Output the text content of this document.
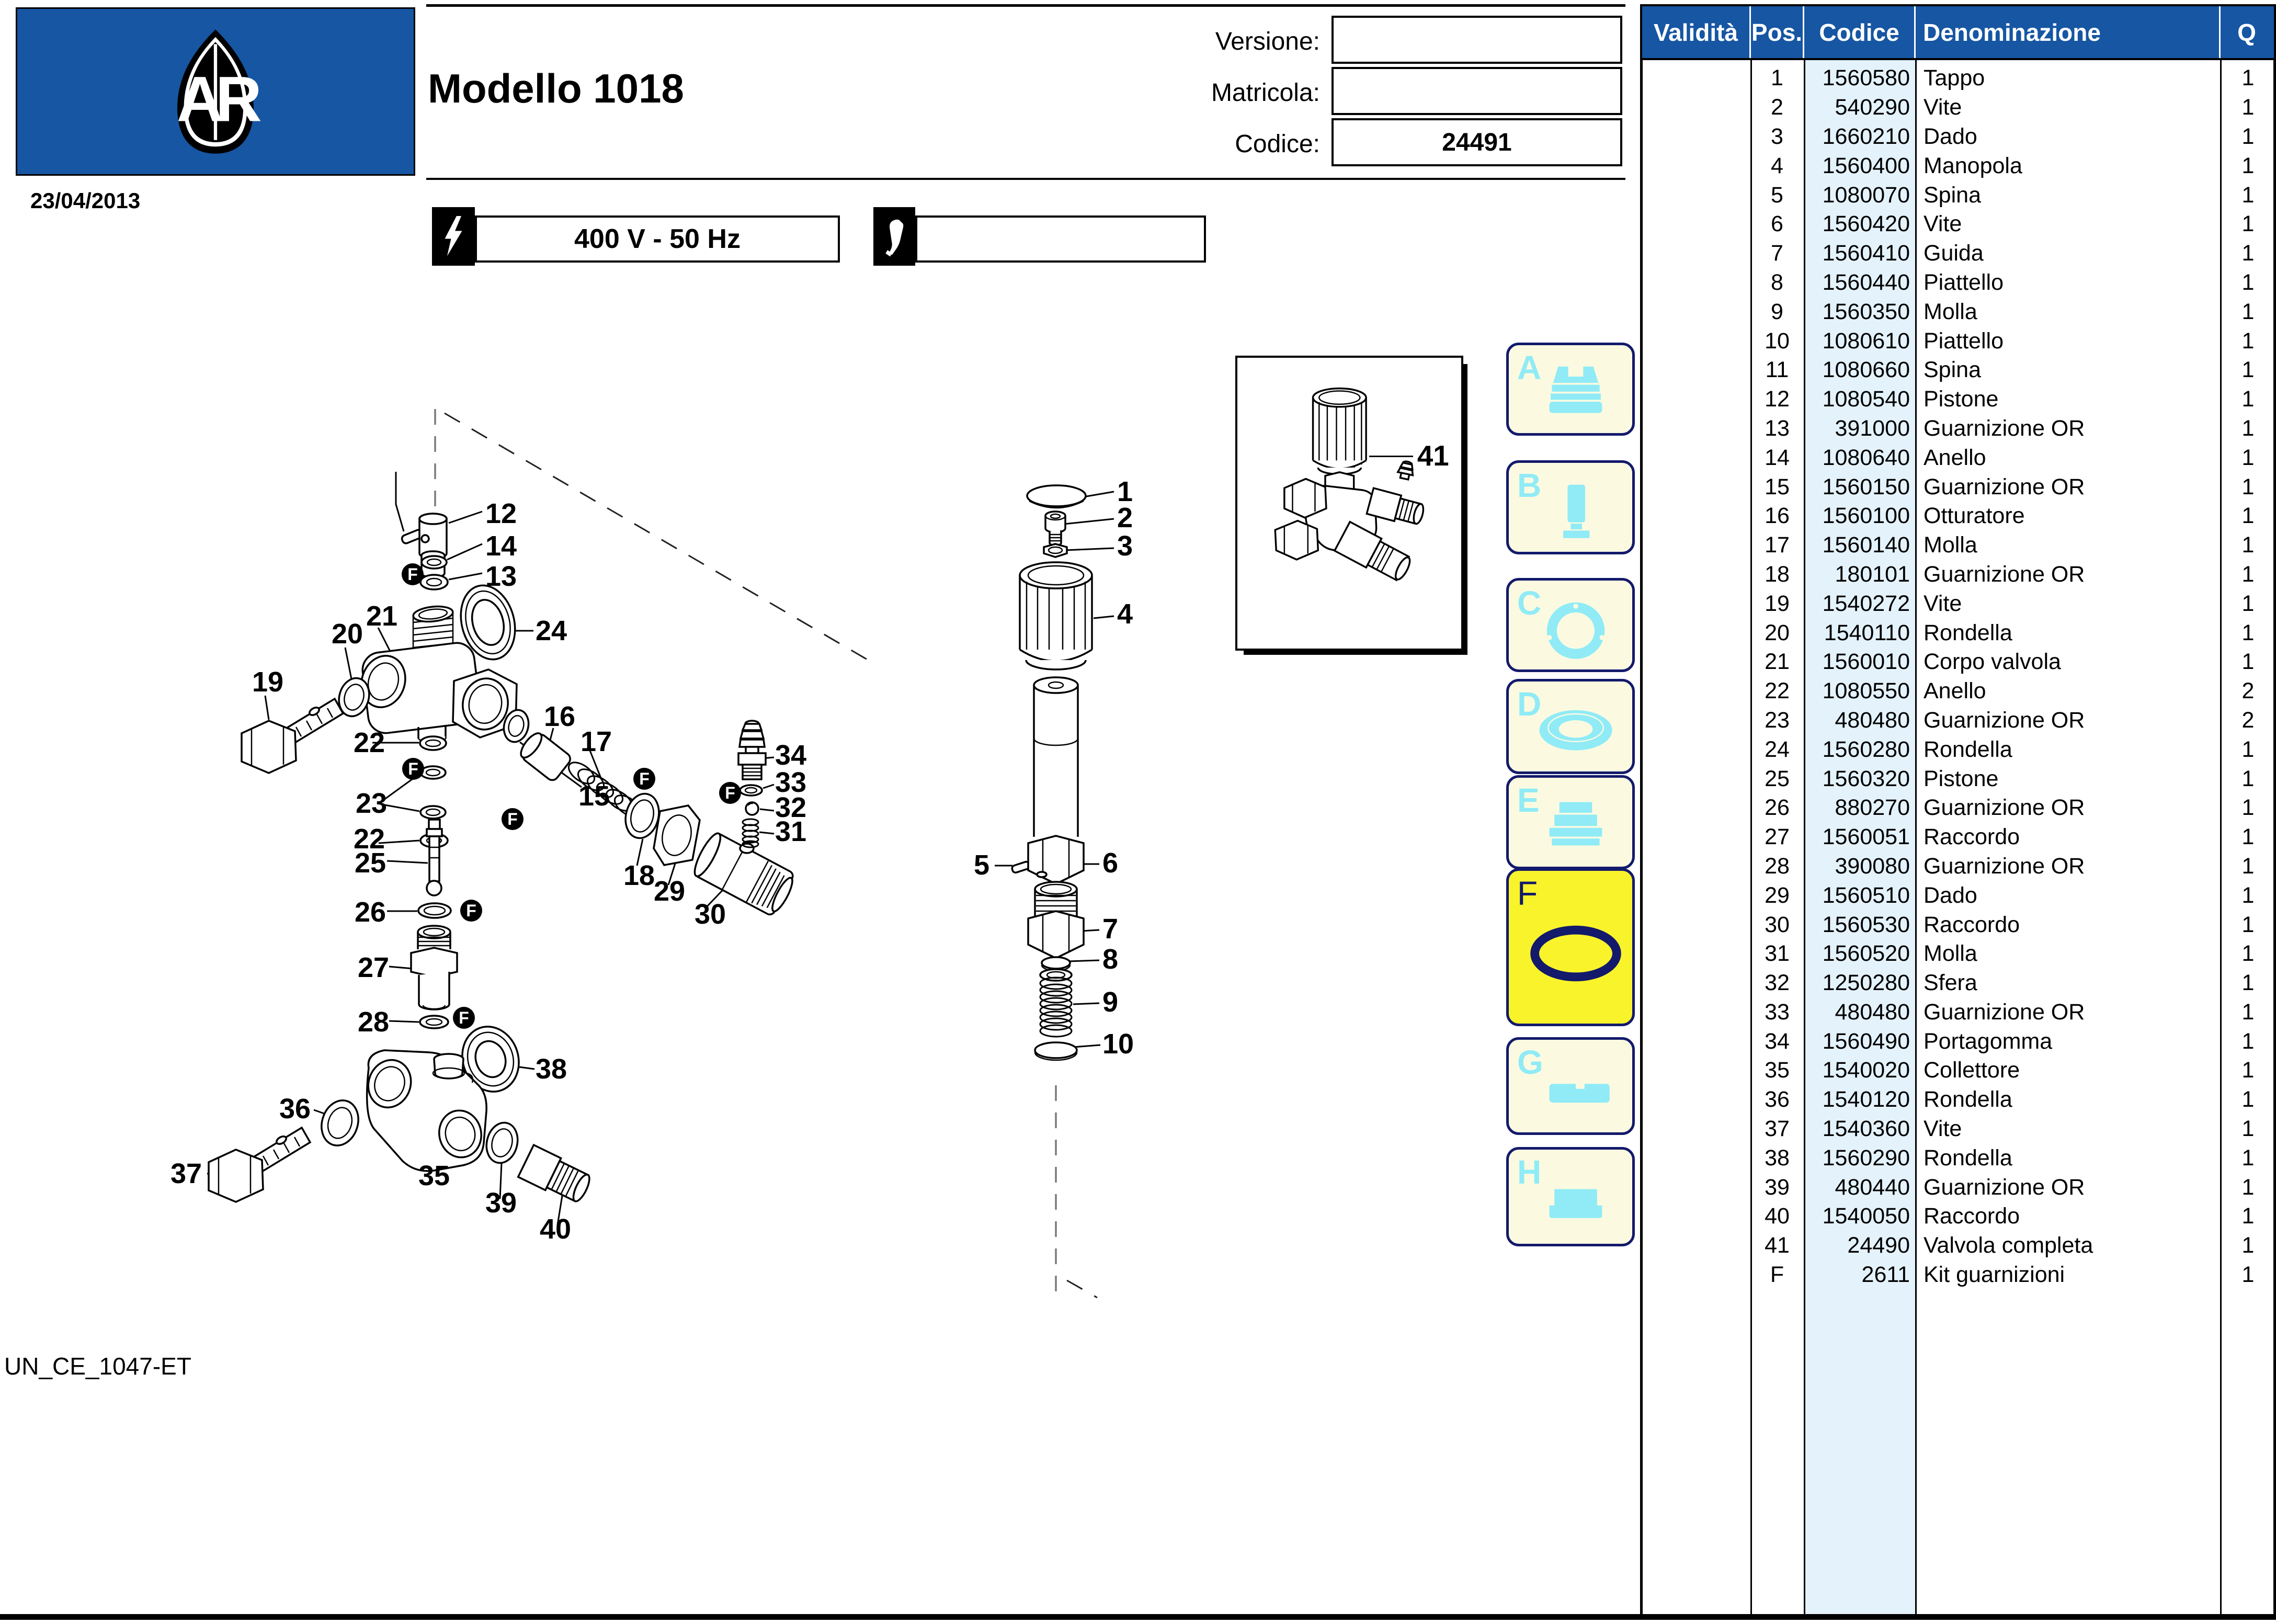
AR
23/04/2013
Modello 1018
Versione:
Matricola:
Codice:	24491
400 V - 50 Hz
41
A
B
C
D
E
F
G
H
1
2
3
4
5	6
7
8
9
10
12
14
13
24
21
20
19
22
23
22
15
16
17
18
29
30
34
33
32
31
25
26
27
28
38
36
37	35
39
40
F
F
F
F
F
F
F
UN_CE_1047-ET
Validità Pos. Codice Denominazione	Q
1	1560580 Tappo	1
2	540290 Vite	1
3	1660210 Dado	1
4	1560400 Manopola	1
5	1080070 Spina	1
6	1560420 Vite	1
7	1560410 Guida	1
8	1560440 Piattello	1
9	1560350 Molla	1
10	1080610 Piattello	1
11	1080660 Spina	1
12	1080540 Pistone	1
13	391000 Guarnizione OR	1
14	1080640 Anello	1
15	1560150 Guarnizione OR	1
16	1560100 Otturatore	1
17	1560140 Molla	1
18	180101 Guarnizione OR	1
19	1540272 Vite	1
20	1540110 Rondella	1
21	1560010 Corpo valvola	1
22	1080550 Anello	2
23	480480 Guarnizione OR	2
24	1560280 Rondella	1
25	1560320 Pistone	1
26	880270 Guarnizione OR	1
27	1560051 Raccordo	1
28	390080 Guarnizione OR	1
29	1560510 Dado	1
30	1560530 Raccordo	1
31	1560520 Molla	1
32	1250280 Sfera	1
33	480480 Guarnizione OR	1
34	1560490 Portagomma	1
35	1540020 Collettore	1
36	1540120 Rondella	1
37	1540360 Vite	1
38	1560290 Rondella	1
39	480440 Guarnizione OR	1
40	1540050 Raccordo	1
41	24490 Valvola completa	1
F	2611 Kit guarnizioni	1
